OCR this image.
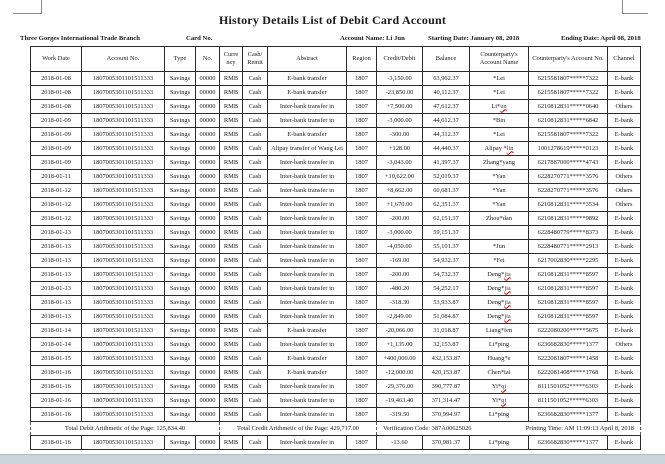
History Details List of Debit Card Account
Three Gorges International Trade Branch	Card No.	Account Name: Li Jun	Starting Date: January 08, 2018	Ending Date: April 08, 2018
Work Date	Account No.	Type	No.	Curre ncy	Cash/ Remit	Abstract	Region	Credit/Debit	Balance	Counterparty's Account Name	Counterparty's Account No.	Channel
2018-01-08	1807005301101511333	Savings	00000	RMB	Cash	E-bank transfer	1807	-3,150.00	63,962.37	*Lei	6215581807*****7322	E-bank
2018-01-08	1807005301101511333	Savings	00000	RMB	Cash	E-bank transfer	1807	-23,850.00	40,112.37	*Lei	6215581807*****7322	E-bank
2018-01-08	1807005301101511333	Savings	00000	RMB	Cash	Inter-bank transfer in	1807	+7,500.00	47,612.37	Li*un	6210812831*****0640	Others
2018-01-09	1807005301101511333	Savings	00000	RMB	Cash	Inter-bank transfer in	1807	-3,000.00	44,612.37	*Bin	6210812831*****6842	E-bank
2018-01-09	1807005301101511333	Savings	00000	RMB	Cash	E-bank transfer	1807	-300.00	44,312.37	*Lei	6215581807*****7322	E-bank
2018-01-09	1807005301101511333	Savings	00000	RMB	Cash	Alipay transfer of Wang Lei	1807	+128.00	44,440.37	Alipay *lin	1001278619*****0123	E-bank
2018-01-09	1807005301101511333	Savings	00000	RMB	Cash	Inter-bank transfer in	1807	-3,043.00	41,397.37	Zhang*yang	6217887000*****4743	E-bank
2018-01-11	1807005301101511333	Savings	00000	RMB	Cash	Inter-bank transfer in	1807	+10,622.00	52,019.37	*Yan	6228270771*****3576	Others
2018-01-12	1807005301101511333	Savings	00000	RMB	Cash	Inter-bank transfer in	1807	+8,662.00	60,681.37	*Yan	6228270771*****3576	Others
2018-01-12	1807005301101511333	Savings	00000	RMB	Cash	Inter-bank transfer in	1807	+1,670.00	62,351.37	*Yan	6210812831*****3534	Others
2018-01-12	1807005301101511333	Savings	00000	RMB	Cash	Inter-bank transfer in	1807	-200.00	62,151.37	Zhou*dan	6210812831*****9892	E-bank
2018-01-13	1807005301101511333	Savings	00000	RMB	Cash	Inter-bank transfer in	1807	-3,000.00	59,151.37		6228480779*****8373	E-bank
2018-01-13	1807005301101511333	Savings	00000	RMB	Cash	Inter-bank transfer in	1807	-4,050.00	55,101.37	*Jun	6228480771*****2913	E-bank
2018-01-13	1807005301101511333	Savings	00000	RMB	Cash	Inter-bank transfer in	1807	-169.00	54,932.37	*Fei	6217002830*****2295	E-bank
2018-01-13	1807005301101511333	Savings	00000	RMB	Cash	Inter-bank transfer in	1807	-200.00	54,732.37	Deng*jia	6210812831*****8597	E-bank
2018-01-13	1807005301101511333	Savings	00000	RMB	Cash	Inter-bank transfer in	1807	-480.20	54,252.17	Deng*jia	6210812831*****8597	E-bank
2018-01-13	1807005301101511333	Savings	00000	RMB	Cash	Inter-bank transfer in	1807	-318.30	53,933.87	Deng*jia	6210812831*****8597	E-bank
2018-01-13	1807005301101511333	Savings	00000	RMB	Cash	Inter-bank transfer in	1807	-2,849.00	51,084.87	Deng*jia	6210812831*****8597	E-bank
2018-01-14	1807005301101511333	Savings	00000	RMB	Cash	E-bank transfer	1807	-20,066.00	31,018.87	Liang*fen	6222080200*****5675	E-bank
2018-01-14	1807005301101511333	Savings	00000	RMB	Cash	Inter-bank transfer in	1807	+1,135.00	32,153.87	Li*ping	6236682830*****1377	Others
2018-01-15	1807005301101511333	Savings	00000	RMB	Cash	E-bank transfer	1807	+400,000.00	432,153.87	Huang*e	6222081807*****1458	E-bank
2018-01-16	1807005301101511333	Savings	00000	RMB	Cash	E-bank transfer	1807	-12,000.00	420,153.87	Chen*tai	6222081408*****1768	E-bank
2018-01-16	1807005301101511333	Savings	00000	RMB	Cash	Inter-bank transfer in	1807	-29,376.00	390,777.87	Yi*qi	8111501052*****6303	E-bank
2018-01-16	1807005301101511333	Savings	00000	RMB	Cash	Inter-bank transfer in	1807	-19,463.40	371,314.47	Yi*qi	8111501052*****6303	E-bank
2018-01-16	1807005301101511333	Savings	00000	RMB	Cash	Inter-bank transfer in	1807	-319.50	370,994.97	Li*ping	6236682830*****1377	E-bank
Total Debit Arithmetic of the Page: 125,834.40				Total Credit Arithmetic of the Page: 429,717.00				Verification Code: 387A00625026 Printing Time: AM 11:09:13 April 8, 2018				

2018-01-16	1807005301101511333	Savings	00000	RMB	Cash	Inter-bank transfer in	1807	-13.60	370,981.37	Li*ping	6236682830*****1377	E-bank
